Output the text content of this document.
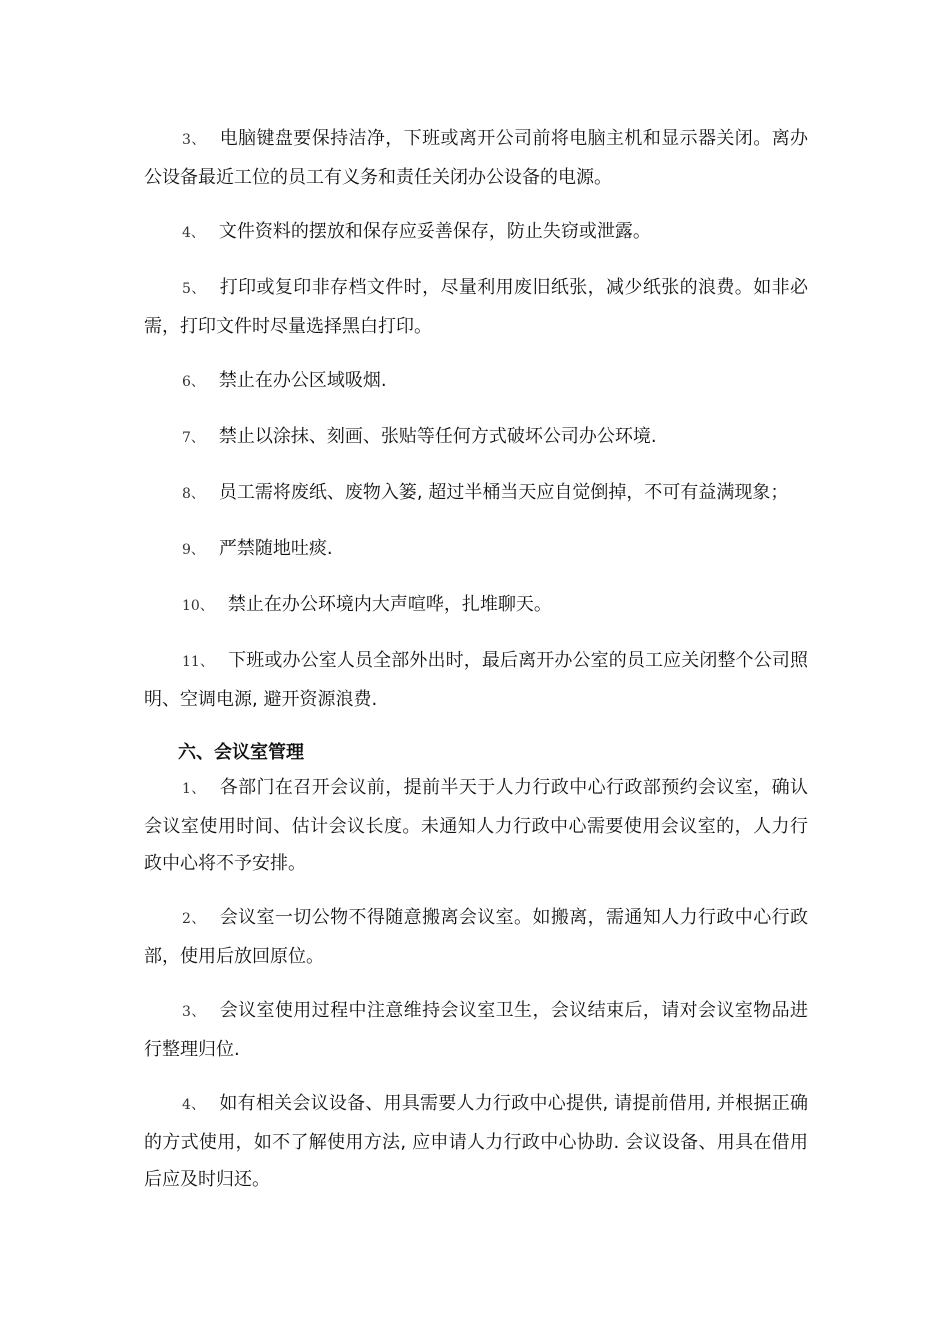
3、 电脑键盘要保持洁净，下班或离开公司前将电脑主机和显示器关闭。离办公设备最近工位的员工有义务和责任关闭办公设备的电源。

4、 文件资料的摆放和保存应妥善保存，防止失窃或泄露。

5、 打印或复印非存档文件时，尽量利用废旧纸张，减少纸张的浪费。如非必需，打印文件时尽量选择黑白打印。

6、 禁止在办公区域吸烟.

7、 禁止以涂抹、刻画、张贴等任何方式破坏公司办公环境.

8、 员工需将废纸、废物入篓, 超过半桶当天应自觉倒掉，不可有益满现象；

9、 严禁随地吐痰.

10、 禁止在办公环境内大声喧哗，扎堆聊天。

11、 下班或办公室人员全部外出时，最后离开办公室的员工应关闭整个公司照明、空调电源, 避开资源浪费.

六、会议室管理

1、 各部门在召开会议前，提前半天于人力行政中心行政部预约会议室，确认会议室使用时间、估计会议长度。未通知人力行政中心需要使用会议室的，人力行政中心将不予安排。

2、 会议室一切公物不得随意搬离会议室。如搬离，需通知人力行政中心行政部，使用后放回原位。

3、 会议室使用过程中注意维持会议室卫生，会议结束后，请对会议室物品进行整理归位.

4、 如有相关会议设备、用具需要人力行政中心提供, 请提前借用, 并根据正确的方式使用，如不了解使用方法, 应申请人力行政中心协助. 会议设备、用具在借用后应及时归还。
